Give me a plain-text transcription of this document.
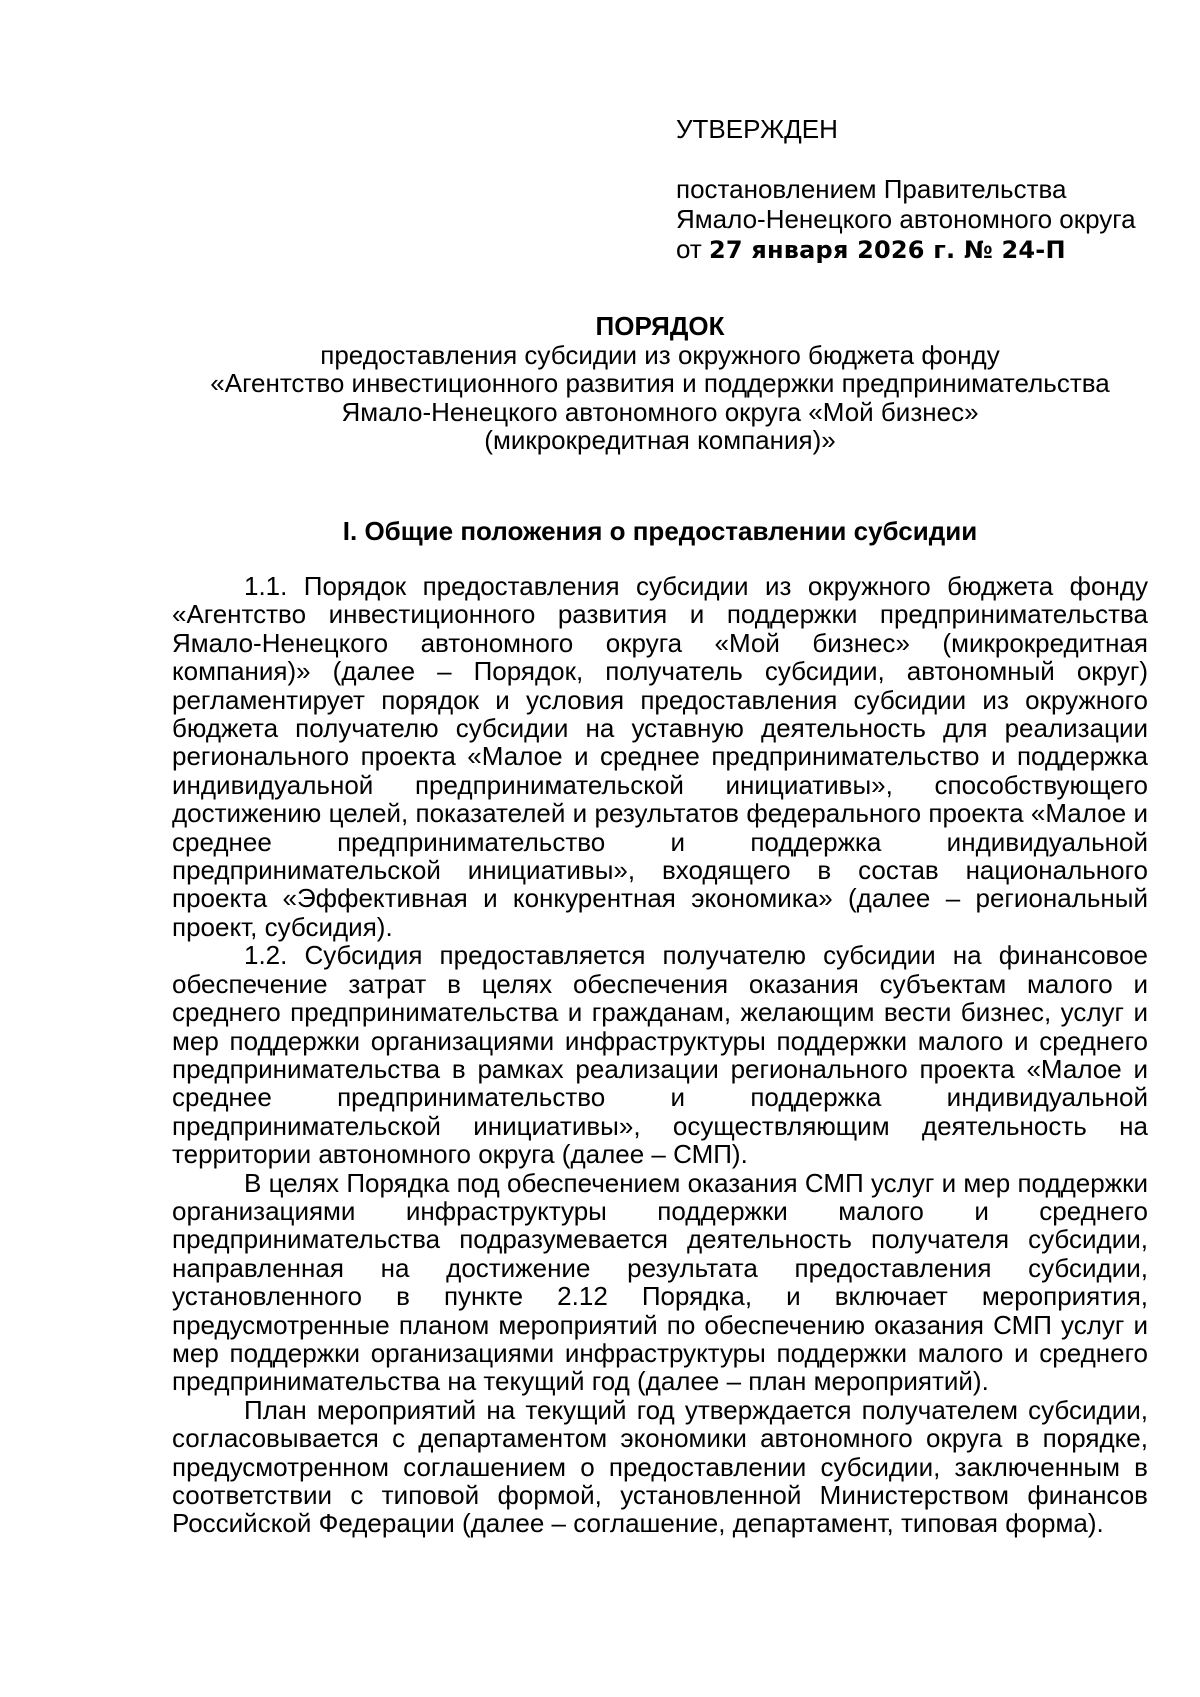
УТВЕРЖДЕН

постановлением Правительства

Ямало-Ненецкого автономного округа

от 27 января 2026 г. № 24-П

ПОРЯДОК

предоставления субсидии из окружного бюджета фонду

«Агентство инвестиционного развития и поддержки предпринимательства

Ямало-Ненецкого автономного округа «Мой бизнес»

(микрокредитная компания)»

I. Общие положения о предоставлении субсидии

1.1. Порядок предоставления субсидии из окружного бюджета фонду «Агентство инвестиционного развития и поддержки предпринимательства Ямало-Ненецкого автономного округа «Мой бизнес» (микрокредитная компания)» (далее – Порядок, получатель субсидии, автономный округ) регламентирует порядок и условия предоставления субсидии из окружного бюджета получателю субсидии на уставную деятельность для реализации регионального проекта «Малое и среднее предпринимательство и поддержка индивидуальной предпринимательской инициативы», способствующего достижению целей, показателей и результатов федерального проекта «Малое и среднее предпринимательство и поддержка индивидуальной предпринимательской инициативы», входящего в состав национального проекта «Эффективная и конкурентная экономика» (далее – региональный проект, субсидия).

1.2. Субсидия предоставляется получателю субсидии на финансовое обеспечение затрат в целях обеспечения оказания субъектам малого и среднего предпринимательства и гражданам, желающим вести бизнес, услуг и мер поддержки организациями инфраструктуры поддержки малого и среднего предпринимательства в рамках реализации регионального проекта «Малое и среднее предпринимательство и поддержка индивидуальной предпринимательской инициативы», осуществляющим деятельность на территории автономного округа (далее – СМП).

В целях Порядка под обеспечением оказания СМП услуг и мер поддержки организациями инфраструктуры поддержки малого и среднего предпринимательства подразумевается деятельность получателя субсидии, направленная на достижение результата предоставления субсидии, установленного в пункте 2.12 Порядка, и включает мероприятия, предусмотренные планом мероприятий по обеспечению оказания СМП услуг и мер поддержки организациями инфраструктуры поддержки малого и среднего предпринимательства на текущий год (далее – план мероприятий).

План мероприятий на текущий год утверждается получателем субсидии, согласовывается с департаментом экономики автономного округа в порядке, предусмотренном соглашением о предоставлении субсидии, заключенным в соответствии с типовой формой, установленной Министерством финансов Российской Федерации (далее – соглашение, департамент, типовая форма).
